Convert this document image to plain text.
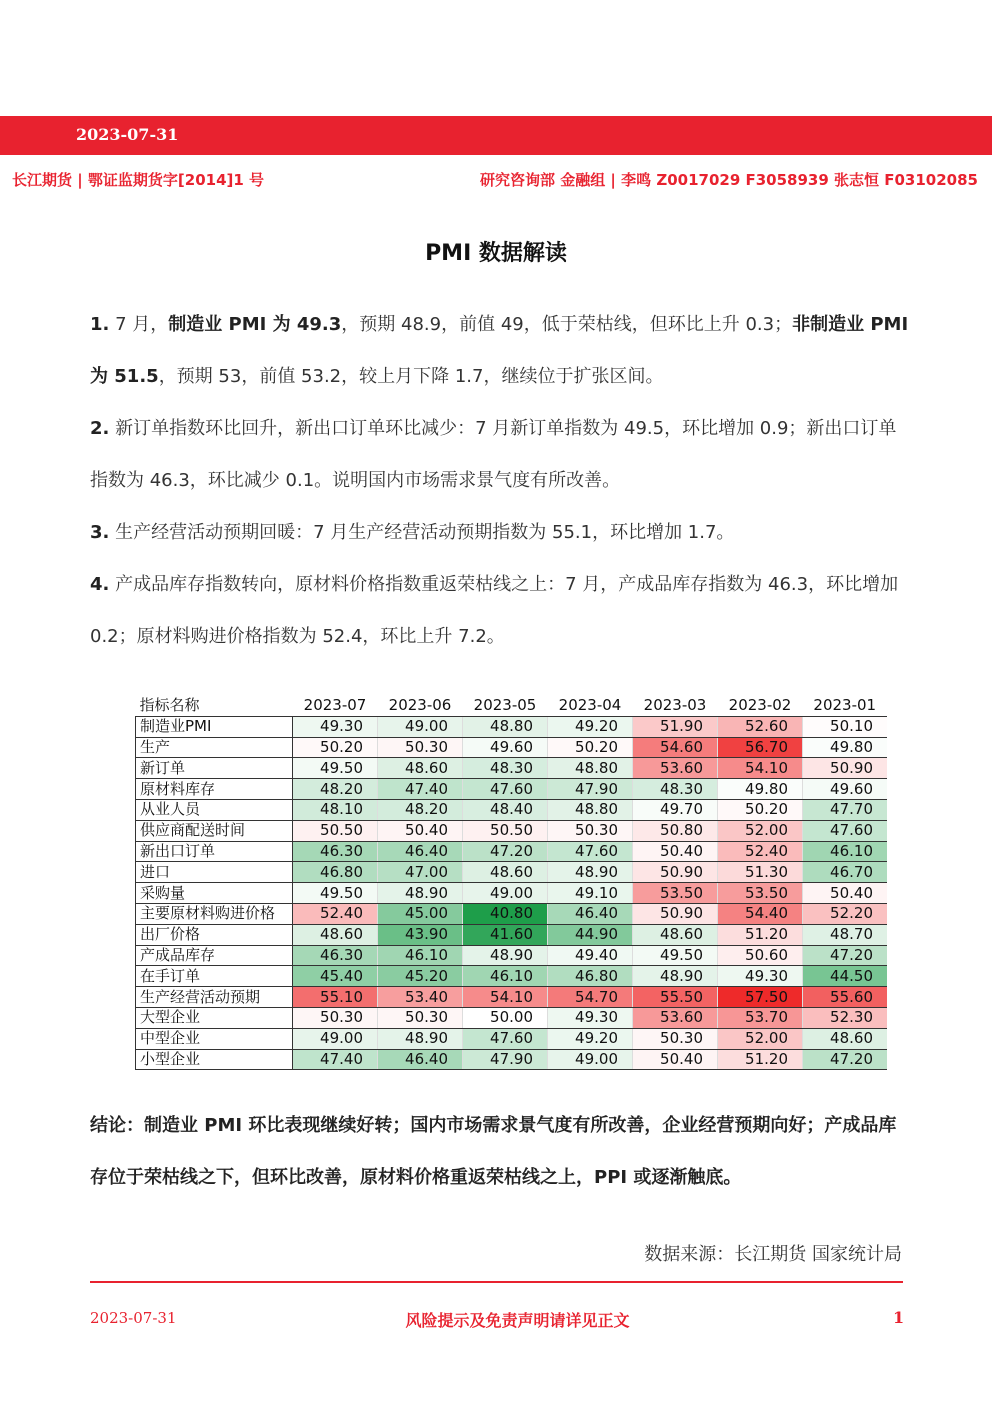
2023-07-31
长江期货 | 鄂证监期货字[2014]1 号	研究咨询部 金融组 | 李鸣 Z0017029 F3058939 张志恒 F03102085
PMI 数据解读

1. 7 月，制造业 PMI 为 49.3，预期 48.9，前值 49，低于荣枯线，但环比上升 0.3；非制造业 PMI 为 51.5，预期 53，前值 53.2，较上月下降 1.7，继续位于扩张区间。

2. 新订单指数环比回升，新出口订单环比减少：7 月新订单指数为 49.5，环比增加 0.9；新出口订单指数为 46.3，环比减少 0.1。说明国内市场需求景气度有所改善。

3. 生产经营活动预期回暖：7 月生产经营活动预期指数为 55.1，环比增加 1.7。

4. 产成品库存指数转向，原材料价格指数重返荣枯线之上：7 月，产成品库存指数为 46.3，环比增加 0.2；原材料购进价格指数为 52.4，环比上升 7.2。

指标名称	2023-07	2023-06	2023-05	2023-04	2023-03	2023-02	2023-01
制造业PMI	49.30	49.00	48.80	49.20	51.90	52.60	50.10
生产	50.20	50.30	49.60	50.20	54.60	56.70	49.80
新订单	49.50	48.60	48.30	48.80	53.60	54.10	50.90
原材料库存	48.20	47.40	47.60	47.90	48.30	49.80	49.60
从业人员	48.10	48.20	48.40	48.80	49.70	50.20	47.70
供应商配送时间	50.50	50.40	50.50	50.30	50.80	52.00	47.60
新出口订单	46.30	46.40	47.20	47.60	50.40	52.40	46.10
进口	46.80	47.00	48.60	48.90	50.90	51.30	46.70
采购量	49.50	48.90	49.00	49.10	53.50	53.50	50.40
主要原材料购进价格	52.40	45.00	40.80	46.40	50.90	54.40	52.20
出厂价格	48.60	43.90	41.60	44.90	48.60	51.20	48.70
产成品库存	46.30	46.10	48.90	49.40	49.50	50.60	47.20
在手订单	45.40	45.20	46.10	46.80	48.90	49.30	44.50
生产经营活动预期	55.10	53.40	54.10	54.70	55.50	57.50	55.60
大型企业	50.30	50.30	50.00	49.30	53.60	53.70	52.30
中型企业	49.00	48.90	47.60	49.20	50.30	52.00	48.60
小型企业	47.40	46.40	47.90	49.00	50.40	51.20	47.20

结论：制造业 PMI 环比表现继续好转；国内市场需求景气度有所改善，企业经营预期向好；产成品库存位于荣枯线之下，但环比改善，原材料价格重返荣枯线之上，PPI 或逐渐触底。

数据来源：长江期货 国家统计局
2023-07-31	风险提示及免责声明请详见正文	1
